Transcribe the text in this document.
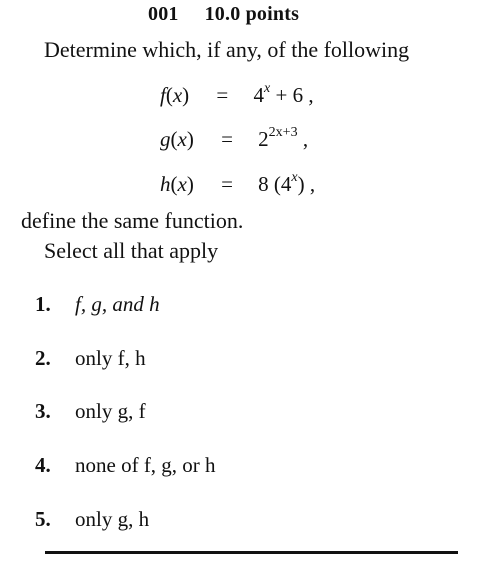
001 10.0 points
Determine which, if any, of the following
$f(x) = 4^x + 6$ ,
$g(x) = 2^{2x+3}$ ,
h(x) = 8 (4$^x$) ,
define the same function.
Select all that apply
1. f, g, and h
2. only f, h
3. only g, f
4. none of f, g, or h
5. only g, h
